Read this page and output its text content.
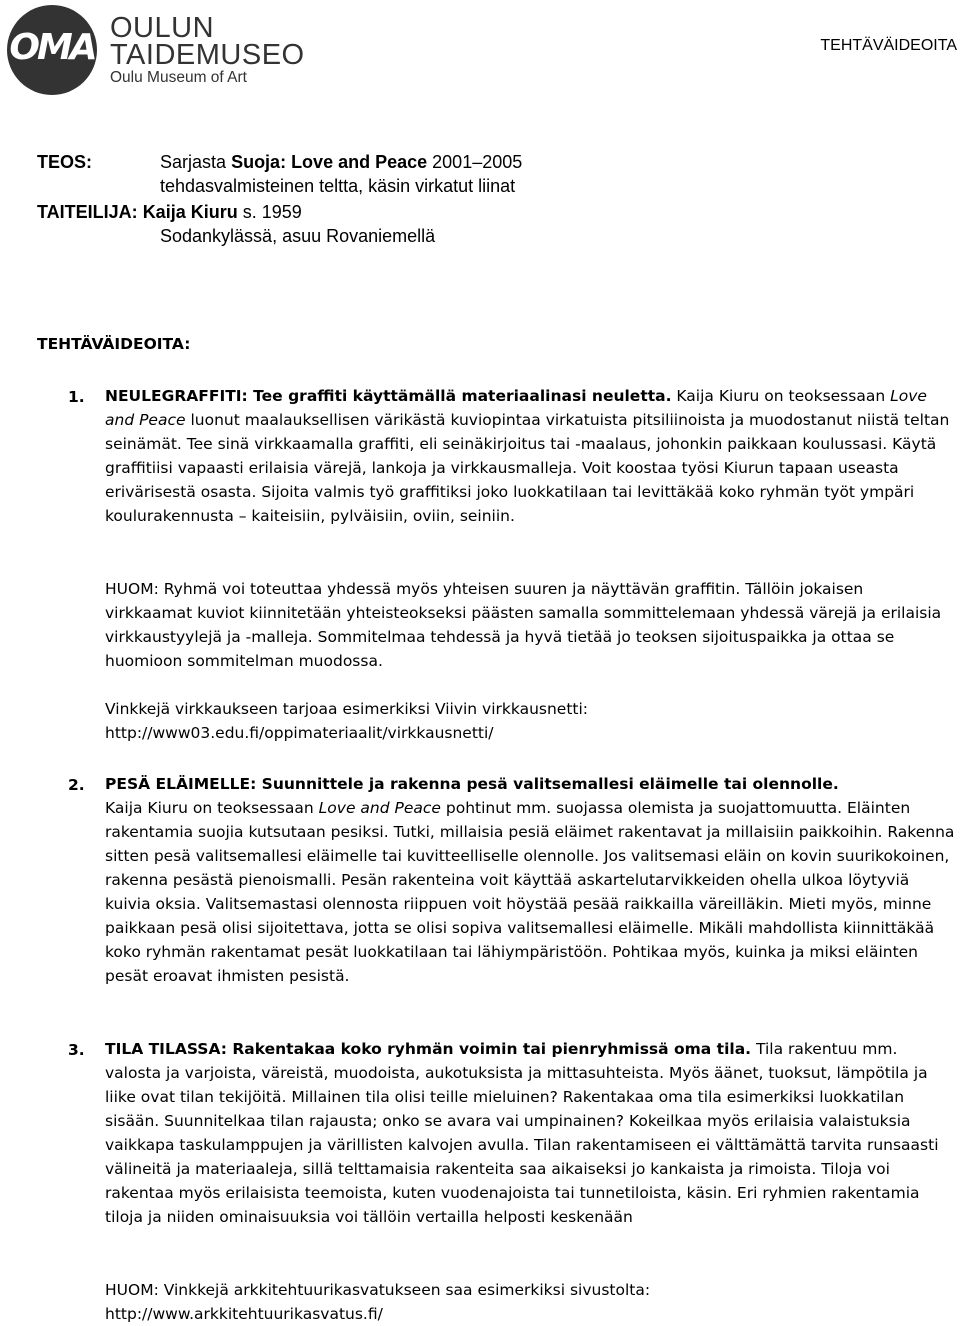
OMA OULUN
TAIDEMUSEO
Oulu Museum of Art
TEHTÄVÄIDEOITA
TEOS:	Sarjasta Suoja: Love and Peace 2001–2005
tehdasvalmisteinen teltta, käsin virkatut liinat
TAITEILIJA: Kaija Kiuru s. 1959
Sodankylässä, asuu Rovaniemellä
TEHTÄVÄIDEOITA:
1. NEULEGRAFFITI: Tee graffiti käyttämällä materiaalinasi neuletta. Kaija Kiuru on teoksessaan Love and Peace luonut maalauksellisen värikästä kuviopintaa virkatuista pitsiliinoista ja muodostanut niistä teltan seinämät. Tee sinä virkkaamalla graffiti, eli seinäkirjoitus tai -maalaus, johonkin paikkaan koulussasi. Käytä graffitiisi vapaasti erilaisia värejä, lankoja ja virkkausmalleja. Voit koostaa työsi Kiurun tapaan useasta erivärisestä osasta. Sijoita valmis työ graffitiksi joko luokkatilaan tai levittäkää koko ryhmän työt ympäri koulurakennusta – kaiteisiin, pylväisiin, oviin, seiniin.

HUOM: Ryhmä voi toteuttaa yhdessä myös yhteisen suuren ja näyttävän graffitin. Tällöin jokaisen virkkaamat kuviot kiinnitetään yhteisteokseksi päästen samalla sommittelemaan yhdessä värejä ja erilaisia virkkaustyylejä ja -malleja. Sommitelmaa tehdessä ja hyvä tietää jo teoksen sijoituspaikka ja ottaa se huomioon sommitelman muodossa.

Vinkkejä virkkaukseen tarjoaa esimerkiksi Viivin virkkausnetti:

http://www03.edu.fi/oppimateriaalit/virkkausnetti/

2. PESÄ ELÄIMELLE: Suunnittele ja rakenna pesä valitsemallesi eläimelle tai olennolle.

Kaija Kiuru on teoksessaan Love and Peace pohtinut mm. suojassa olemista ja suojattomuutta. Eläinten rakentamia suojia kutsutaan pesiksi. Tutki, millaisia pesiä eläimet rakentavat ja millaisiin paikkoihin. Rakenna sitten pesä valitsemallesi eläimelle tai kuvitteelliselle olennolle. Jos valitsemasi eläin on kovin suurikokoinen, rakenna pesästä pienoismalli. Pesän rakenteina voit käyttää askartelutarvikkeiden ohella ulkoa löytyviä kuivia oksia. Valitsemastasi olennosta riippuen voit höystää pesää raikkailla väreilläkin. Mieti myös, minne paikkaan pesä olisi sijoitettava, jotta se olisi sopiva valitsemallesi eläimelle. Mikäli mahdollista kiinnittäkää koko ryhmän rakentamat pesät luokkatilaan tai lähiympäristöön. Pohtikaa myös, kuinka ja miksi eläinten pesät eroavat ihmisten pesistä.

3. TILA TILASSA: Rakentakaa koko ryhmän voimin tai pienryhmissä oma tila. Tila rakentuu mm. valosta ja varjoista, väreistä, muodoista, aukotuksista ja mittasuhteista. Myös äänet, tuoksut, lämpötila ja liike ovat tilan tekijöitä. Millainen tila olisi teille mieluinen? Rakentakaa oma tila esimerkiksi luokkatilan sisään. Suunnitelkaa tilan rajausta; onko se avara vai umpinainen? Kokeilkaa myös erilaisia valaistuksia vaikkapa taskulamppujen ja värillisten kalvojen avulla. Tilan rakentamiseen ei välttämättä tarvita runsaasti välineitä ja materiaaleja, sillä telttamaisia rakenteita saa aikaiseksi jo kankaista ja rimoista. Tiloja voi rakentaa myös erilaisista teemoista, kuten vuodenajoista tai tunnetiloista, käsin. Eri ryhmien rakentamia tiloja ja niiden ominaisuuksia voi tällöin vertailla helposti keskenään

HUOM: Vinkkejä arkkitehtuurikasvatukseen saa esimerkiksi sivustolta:

http://www.arkkitehtuurikasvatus.fi/
